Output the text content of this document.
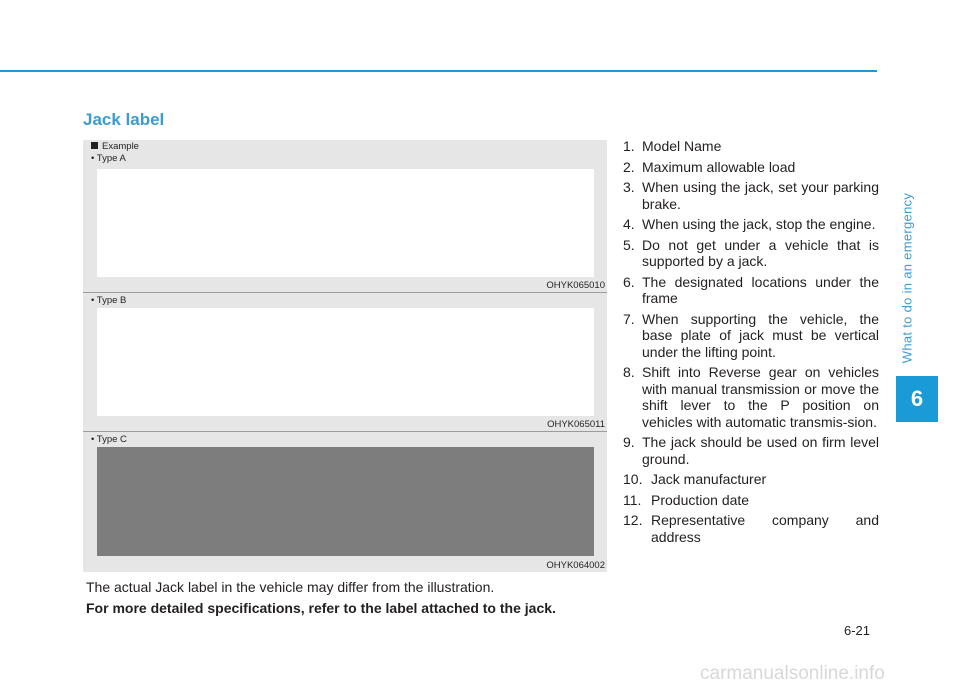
Jack label
Example
• Type A
OHYK065010
• Type B
OHYK065011
• Type C
OHYK064002

The actual Jack label in the vehicle may differ from the illustration.

For more detailed specifications, refer to the label attached to the jack.

1. Model Name
2. Maximum allowable load
3. When using the jack, set your parking brake.
4. When using the jack, stop the engine.
5. Do not get under a vehicle that is supported by a jack.
6. The designated locations under the frame
7. When supporting the vehicle, the base plate of jack must be vertical under the lifting point.
8. Shift into Reverse gear on vehicles with manual transmission or move the shift lever to the P position on vehicles with automatic transmis-sion.
9. The jack should be used on firm level ground.
10. Jack manufacturer
11. Production date
12. Representative company and address
What to do in an emergency
6
6-21
carmanualsonline.info
